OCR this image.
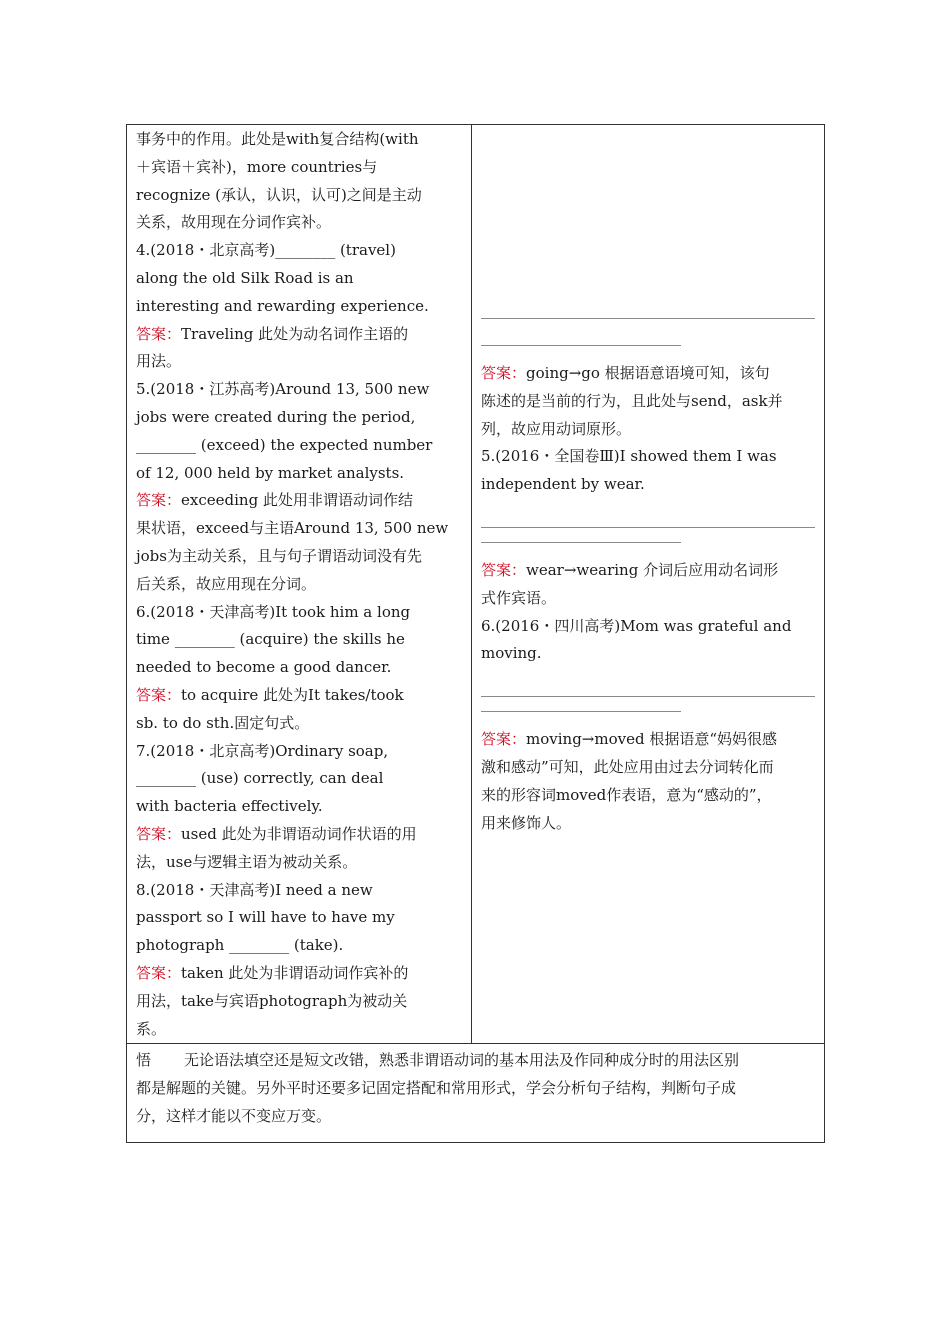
事务中的作用。此处是with复合结构(with

＋宾语＋宾补)，more countries与

recognize (承认，认识，认可)之间是主动

关系，故用现在分词作宾补。

4.(2018・北京高考)________ (travel)

along the old Silk Road is an

interesting and rewarding experience.

答案：Traveling 此处为动名词作主语的

用法。

5.(2018・江苏高考)Around 13, 500 new

jobs were created during the period,

________ (exceed) the expected number

of 12, 000 held by market analysts.

答案：exceeding 此处用非谓语动词作结

果状语，exceed与主语Around 13, 500 new

jobs为主动关系，且与句子谓语动词没有先

后关系，故应用现在分词。

6.(2018・天津高考)It took him a long

time ________ (acquire) the skills he

needed to become a good dancer.

答案：to acquire 此处为It takes/took

sb. to do sth.固定句式。

7.(2018・北京高考)Ordinary soap,

________ (use) correctly, can deal

with bacteria effectively.

答案：used 此处为非谓语动词作状语的用

法，use与逻辑主语为被动关系。

8.(2018・天津高考)I need a new

passport so I will have to have my

photograph ________ (take).

答案：taken 此处为非谓语动词作宾补的

用法，take与宾语photograph为被动关

系。

答案：going→go 根据语意语境可知，该句

陈述的是当前的行为，且此处与send，ask并

列，故应用动词原形。

5.(2016・全国卷Ⅲ)I showed them I was

independent by wear.

答案：wear→wearing 介词后应用动名词形

式作宾语。

6.(2016・四川高考)Mom was grateful and

moving.

答案：moving→moved 根据语意“妈妈很感

激和感动”可知，此处应用由过去分词转化而

来的形容词moved作表语，意为“感动的”，

用来修饰人。

悟 无论语法填空还是短文改错，熟悉非谓语动词的基本用法及作同种成分时的用法区别

都是解题的关键。另外平时还要多记固定搭配和常用形式，学会分析句子结构，判断句子成

分，这样才能以不变应万变。
